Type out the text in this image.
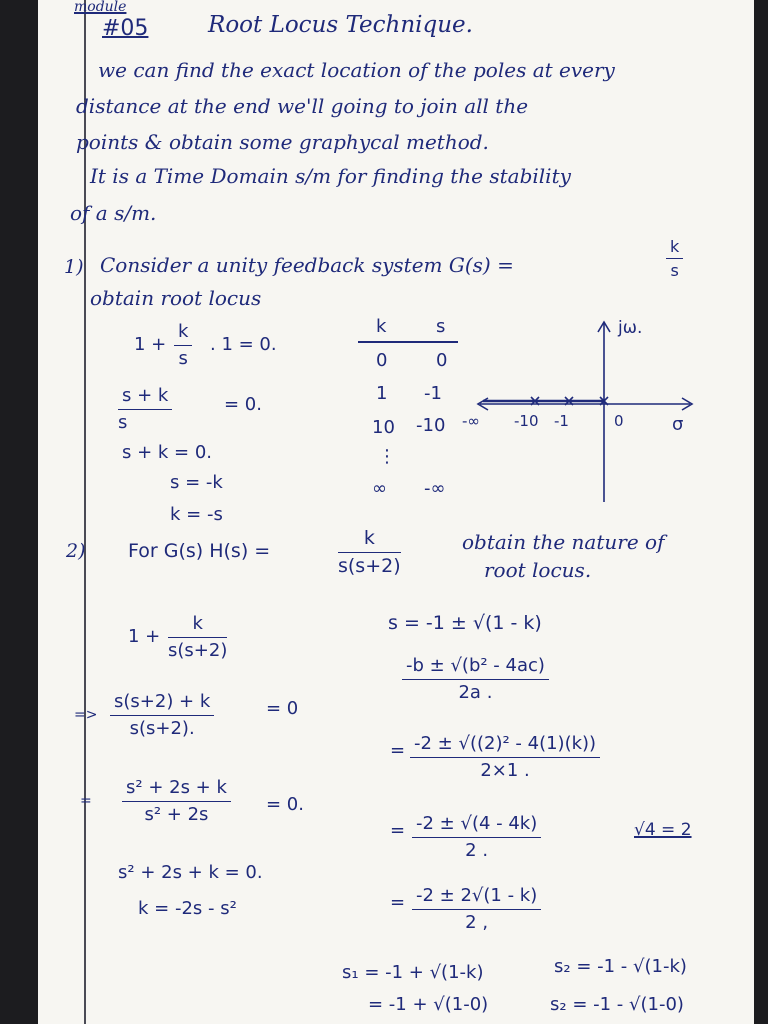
module
#05	Root Locus Technique.
we can find the exact location of the poles at every
distance at the end we'll going to join all the
points & obtain some graphycal method.
It is a Time Domain s/m for finding the stability
of a s/m.
1) Consider a unity feedback system G(s) =	$\frac{k}{s}$
obtain root locus
$1 + \frac{k}{s}$ . 1 = 0.
$\frac{s + k}{s}$	= 0.
s + k = 0.
s = -k
k = -s
k	s
0	0
1 -1
10 -10
⋮
∞ -∞
jω.
σ
-∞ -10 -1	0
2) For G(s) H(s) =	$\frac{k}{s(s+2)}$	obtain the nature of
root locus.
$1 + \frac{k}{s(s+2)}$
=> $\frac{s(s+2) + k}{s(s+2).}$	= 0
= $\frac{\text{s² + 2s + k}}{\text{s² + 2s}} = 0$.
s² + 2s + k = 0.
k = -2s - s²
s = -1 ± √(1 - k)
$\frac{\text{-b ± √(b² - 4ac)}}{2a .}$
= $\frac{\text{-2 ± √((2)² - 4(1)(k))}}{2\times 1 .}$
= $\frac{-2 \pm √(4 - 4k)}{2 .}$	√4 = 2
= $\frac{-2 \pm 2√(1 - k)}{2 ,}$
s₁ = -1 + √(1-k)	s₂ = -1 - √(1-k)
= -1 + √(1-0)	s₂ = -1 - √(1-0)
